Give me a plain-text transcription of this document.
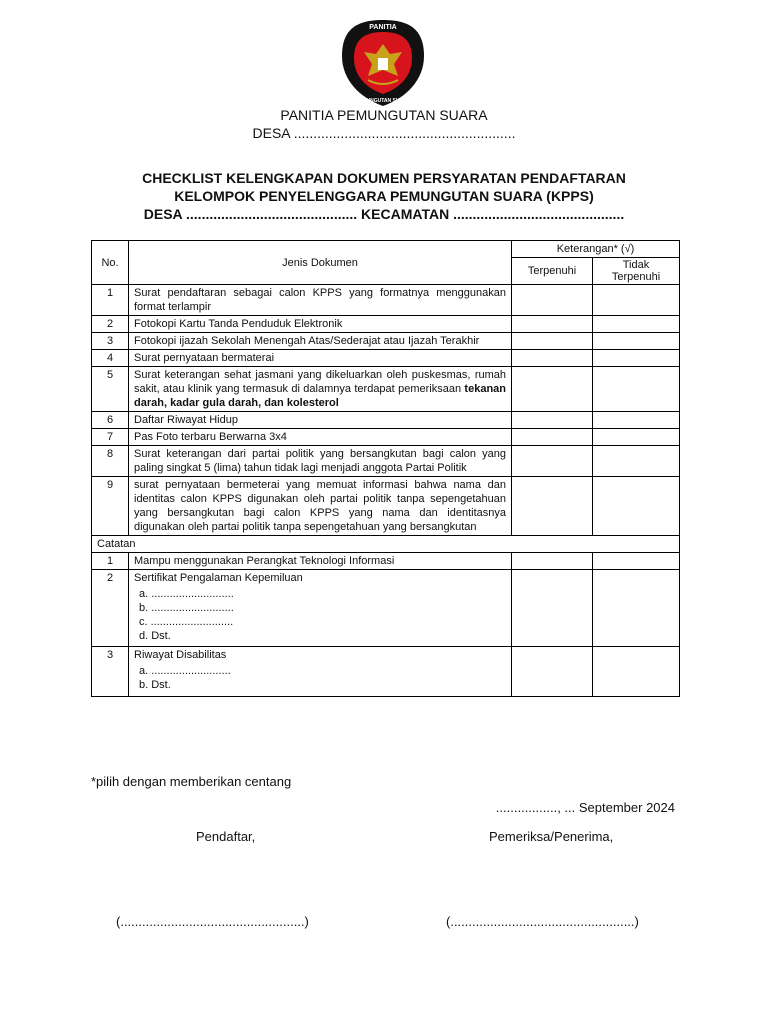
PANITIA
PEMUNGUTAN SUARA
PANITIA PEMUNGUTAN SUARA
DESA .........................................................
CHECKLIST KELENGKAPAN DOKUMEN PERSYARATAN PENDAFTARAN
KELOMPOK PENYELENGGARA PEMUNGUTAN SUARA (KPPS)
DESA ............................................ KECAMATAN ............................................
No.	Jenis Dokumen	Keterangan* (√)	
		Terpenuhi	Tidak Terpenuhi
1	Surat pendaftaran sebagai calon KPPS yang formatnya menggunakan format terlampir		
2	Fotokopi Kartu Tanda Penduduk Elektronik		
3	Fotokopi ijazah Sekolah Menengah Atas/Sederajat atau Ijazah Terakhir		
4	Surat pernyataan bermaterai		
5	Surat keterangan sehat jasmani yang dikeluarkan oleh puskesmas, rumah sakit, atau klinik yang termasuk di dalamnya terdapat pemeriksaan tekanan darah, kadar gula darah, dan kolesterol		
6	Daftar Riwayat Hidup		
7	Pas Foto terbaru Berwarna 3x4		
8	Surat keterangan dari partai politik yang bersangkutan bagi calon yang paling singkat 5 (lima) tahun tidak lagi menjadi anggota Partai Politik		
9	surat pernyataan bermeterai yang memuat informasi bahwa nama dan identitas calon KPPS digunakan oleh partai politik tanpa sepengetahuan yang bersangkutan bagi calon KPPS yang nama dan identitasnya digunakan oleh partai politik tanpa sepengetahuan yang bersangkutan		
Catatan			
1	Mampu menggunakan Perangkat Teknologi Informasi		
2	Sertifikat Pengalaman Kepemiluan
a. ...........................
b. ...........................
c. ...........................
d. Dst.		

3	Riwayat Disabilitas
a. ..........................
b. Dst.		

*pilih dengan memberikan centang
................., ... September 2024
Pendaftar,	Pemeriksa/Penerima,
(...................................................)	(...................................................)
